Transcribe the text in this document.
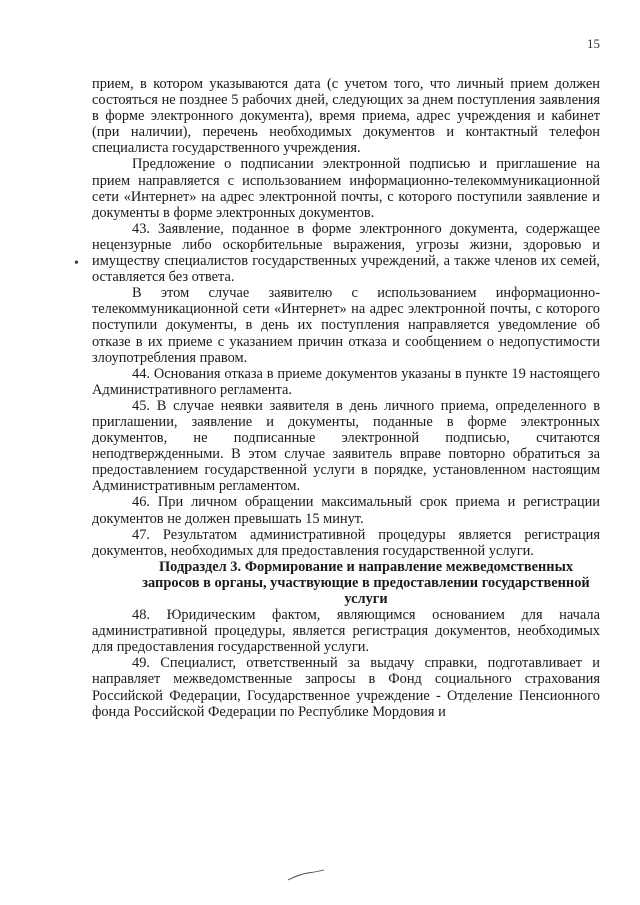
15
•

прием, в котором указываются дата (с учетом того, что личный прием должен состояться не позднее 5 рабочих дней, следующих за днем поступления заявления в форме электронного документа), время приема, адрес учреждения и кабинет (при наличии), перечень необходимых документов и контактный телефон специалиста государственного учреждения.

Предложение о подписании электронной подписью и приглашение на прием направляется с использованием информационно-телекоммуникационной сети «Интернет» на адрес электронной почты, с которого поступили заявление и документы в форме электронных документов.

43. Заявление, поданное в форме электронного документа, содержащее нецензурные либо оскорбительные выражения, угрозы жизни, здоровью и имуществу специалистов государственных учреждений, а также членов их семей, оставляется без ответа.

В этом случае заявителю с использованием информационно-телекоммуникационной сети «Интернет» на адрес электронной почты, с которого поступили документы, в день их поступления направляется уведомление об отказе в их приеме с указанием причин отказа и сообщением о недопустимости злоупотребления правом.

44. Основания отказа в приеме документов указаны в пункте 19 настоящего Административного регламента.

45. В случае неявки заявителя в день личного приема, определенного в приглашении, заявление и документы, поданные в форме электронных документов, не подписанные электронной подписью, считаются неподтвержденными. В этом случае заявитель вправе повторно обратиться за предоставлением государственной услуги в порядке, установленном настоящим Административным регламентом.

46. При личном обращении максимальный срок приема и регистрации документов не должен превышать 15 минут.

47. Результатом административной процедуры является регистрация документов, необходимых для предоставления государственной услуги.

Подраздел 3. Формирование и направление межведомственных
запросов в органы, участвующие в предоставлении государственной
услуги

48. Юридическим фактом, являющимся основанием для начала административной процедуры, является регистрация документов, необходимых для предоставления государственной услуги.

49. Специалист, ответственный за выдачу справки, подготавливает и направляет межведомственные запросы в Фонд социального страхования Российской Федерации, Государственное учреждение - Отделение Пенсионного фонда Российской Федерации по Республике Мордовия и
